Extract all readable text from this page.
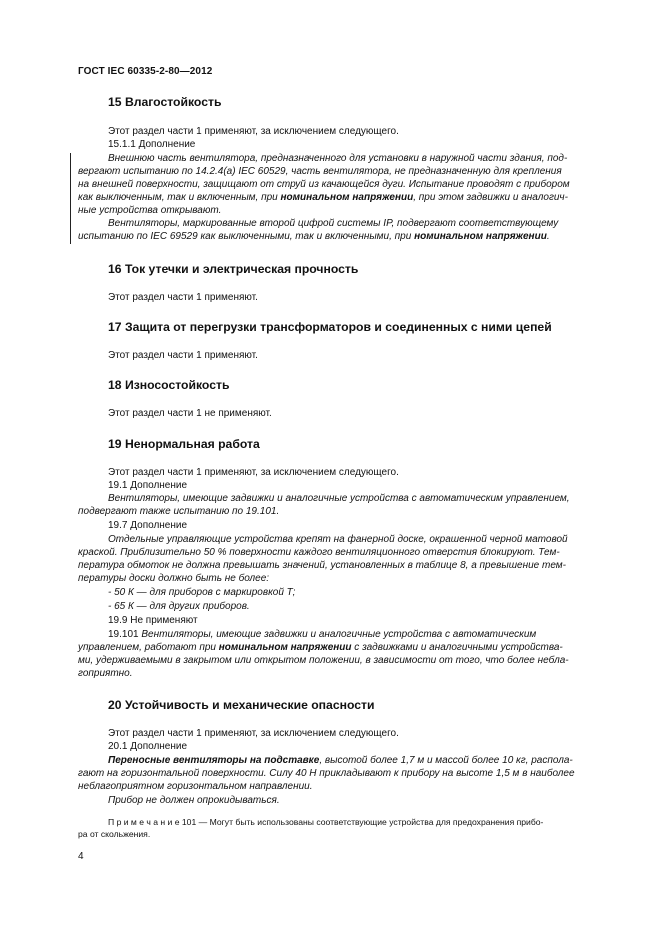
ГОСТ IEC 60335-2-80—2012
15 Влагостойкость
Этот раздел части 1 применяют, за исключением следующего.
15.1.1 Дополнение
Внешнюю часть вентилятора, предназначенного для установки в наружной части здания, под-
вергают испытанию по 14.2.4(a) IEC 60529, часть вентилятора, не предназначенную для крепления
на внешней поверхности, защищают от струй из качающейся дуги. Испытание проводят с прибором
как выключенным, так и включенным, при номинальном напряжении, при этом задвижки и аналогич-
ные устройства открывают.
Вентиляторы, маркированные второй цифрой системы IP, подвергают соответствующему
испытанию по IEC 69529 как выключенными, так и включенными, при номинальном напряжении.
16 Ток утечки и электрическая прочность
Этот раздел части 1 применяют.
17 Защита от перегрузки трансформаторов и соединенных с ними цепей
Этот раздел части 1 применяют.
18 Износостойкость
Этот раздел части 1 не применяют.
19 Ненормальная работа
Этот раздел части 1 применяют, за исключением следующего.
19.1 Дополнение
Вентиляторы, имеющие задвижки и аналогичные устройства с автоматическим управлением,
подвергают также испытанию по 19.101.
19.7 Дополнение
Отдельные управляющие устройства крепят на фанерной доске, окрашенной черной матовой
краской. Приблизительно 50 % поверхности каждого вентиляционного отверстия блокируют. Тем-
пература обмоток не должна превышать значений, установленных в таблице 8, а превышение тем-
пературы доски должно быть не более:
- 50 К — для приборов с маркировкой Т;
- 65 К — для других приборов.
19.9 Не применяют
19.101 Вентиляторы, имеющие задвижки и аналогичные устройства с автоматическим
управлением, работают при номинальном напряжении с задвижками и аналогичными устройства-
ми, удерживаемыми в закрытом или открытом положении, в зависимости от того, что более небла-
гоприятно.
20 Устойчивость и механические опасности
Этот раздел части 1 применяют, за исключением следующего.
20.1 Дополнение
Переносные вентиляторы на подставке, высотой более 1,7 м и массой более 10 кг, распола-
гают на горизонтальной поверхности. Силу 40 Н прикладывают к прибору на высоте 1,5 м в наиболее
неблагоприятном горизонтальном направлении.
Прибор не должен опрокидываться.
П р и м е ч а н и е 101 — Могут быть использованы соответствующие устройства для предохранения прибо-
ра от скольжения.
4
